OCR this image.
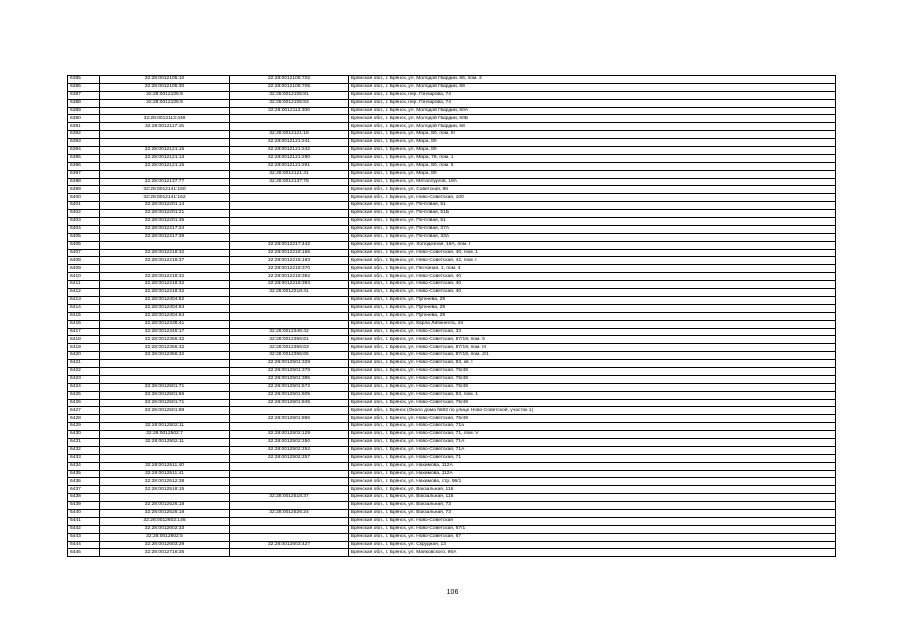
6385	32:28:0012105:10	32:28:0012105:702	Брянская обл., г. Брянск, ул. Молодой Гвардии, 66, пом. 3
6386	32:28:0012105:30	32:28:0012105:705	Брянская обл., г. Брянск, ул. Молодой Гвардии, 68
6387	32:28:0012105:9	32:28:0012105:81	Брянская обл., г. Брянск, пер. Гончарова, 74
6388	32:28:0012105:9	32:28:0012105:83	Брянская обл., г. Брянск, пер. Гончарова, 74
6389		32:28:0012113:300	Брянская обл., г. Брянск, ул. Молодой Гвардии, 60А
6390	32:28:0012113:446		Брянская обл., г. Брянск, ул. Молодой Гвардии, 60Б
6391	32:28:0012117:15		Брянская обл., г. Брянск, ул. Молодой Гвардии, 58
6392		32:28:0012121:18	Брянская обл., г. Брянск, ул. Мира, 80, пом. III
6393		32:28:0012121:241	Брянская обл., г. Брянск, ул. Мира, 80
6394	32:28:0012121:15	32:28:0012121:242	Брянская обл., г. Брянск, ул. Мира, 80
6395	32:28:0012121:13	32:28:0012121:290	Брянская обл., г. Брянск, ул. Мира, 78, пом. 1
6396	32:28:0012121:15	32:28:0012121:291	Брянская обл., г. Брянск, ул. Мира, 80, пом. 5
6397		32:28:0012121:41	Брянская обл., г. Брянск, ул. Мира, 80
6398	32:28:0012137:77	32:28:0012137:78	Брянская обл., г. Брянск, ул. Металлургов, 19А
6399	32:28:0012141:160		Брянская обл., г. Брянск, ул. Советская, 86
6400	32:28:0012141:162		Брянская обл., г. Брянск, ул. Ново-Советская, 100
6401	32:28:0012201:14		Брянская обл., г. Брянск, ул. Почтовая, 51
6402	32:28:0012201:21		Брянская обл., г. Брянск, ул. Почтовая, 51Б
6403	32:28:0012201:35		Брянская обл., г. Брянск, ул. Почтовая, 51
6404	32:28:0012217:34		Брянская обл., г. Брянск, ул. Почтовая, 37А
6405	32:28:0012217:39		Брянская обл., г. Брянск, ул. Почтовая, 33А
6406		32:28:0012217:442	Брянская обл., г. Брянск, ул. Холодезная, 19А, пом. I
6407	32:28:0012218:32	32:28:0012218:166	Брянская обл., г. Брянск, ул. Ново-Советская, 40, пом. 1
6408	32:28:0012218:37	32:28:0012218:183	Брянская обл., г. Брянск, ул. Ново-Советская, 42, пом. I
6409		32:28:0012218:370	Брянская обл., г. Брянск, ул. Песчаная, 1, пом. 4
6410	32:28:0012218:32	32:28:0012218:392	Брянская обл., г. Брянск, ул. Ново-Советская, 40
6411	32:28:0012218:32	32:28:0012218:393	Брянская обл., г. Брянск, ул. Ново-Советская, 40
6412	32:28:0012218:32	32:28:0012218:41	Брянская обл., г. Брянск, ул. Ново-Советская, 40
6413	32:28:0012304:62		Брянская обл., г. Брянск, ул. Пугачева, 29
6414	32:28:0012304:63		Брянская обл., г. Брянск, ул. Пугачева, 29
6415	32:28:0012304:64		Брянская обл., г. Брянск, ул. Пугачева, 29
6416	32:28:0012338:41		Брянская обл., г. Брянск, ул. Карла Либкнехта, 44
6417	32:28:0012345:17	32:28:0012345:42	Брянская обл., г. Брянск, ул. Ново-Советская, 34
6418	32:28:0012356:32	32:28:0012356:61	Брянская обл., г. Брянск, ул. Ново-Советская, 87/19, пом. 5
6419	32:28:0012356:32	32:28:0012356:63	Брянская обл., г. Брянск, ул. Ново-Советская, 87/19, пом. III
6420	32:28:0012356:32	32:28:0012356:65	Брянская обл., г. Брянск, ул. Ново-Советская, 87/19, пом. 2/1
6421		32:28:0012501:329	Брянская обл., г. Брянск, ул. Ново-Советская, 83, кв. I
6422		32:28:0012501:378	Брянская обл., г. Брянск, ул. Ново-Советская, 75/49
6423		32:28:0012501:385	Брянская обл., г. Брянск, ул. Ново-Советская, 75/49
6424	32:28:0012501:71	32:28:0012501:572	Брянская обл., г. Брянск, ул. Ново-Советская, 75/49
6425	32:28:0012501:66	32:28:0012501:605	Брянская обл., г. Брянск, ул. Ново-Советская, 83, пом. 1
6426	32:28:0012501:71	32:28:0012501:845	Брянская обл., г. Брянск, ул. Ново-Советская, 75/49
6427	32:28:0012501:88		Брянская обл., г. Брянск (Около дома №83 по улице Ново-Советской, участок 1)
6428		32:28:0012501:886	Брянская обл., г. Брянск, ул. Ново-Советская, 75/49
6429	32:28:0012502:11		Брянская обл., г. Брянск, ул. Ново-Советская, 71а
6430	32:28:0012502:7	32:28:0012502:129	Брянская обл., г. Брянск, ул. Ново-Советская, 71, пом. V
6431	32:28:0012502:11	32:28:0012502:250	Брянская обл., г. Брянск, ул. Ново-Советская, 71А
6432		32:28:0012502:252	Брянская обл., г. Брянск, ул. Ново-Советская, 71А
6433		32:28:0012502:257	Брянская обл., г. Брянск, ул. Ново-Советская, 71
6434	32:28:0012511:40		Брянская обл., г. Брянск, ул. Нахимова, 112А
6435	32:28:0012511:41		Брянская обл., г. Брянск, ул. Нахимова, 112А
6436	32:28:0012512:38		Брянская обл., г. Брянск, ул. Нахимова, стр. 96/1
6437	32:28:0012518:15		Брянская обл., г. Брянск, ул. Вокзальная, 116
6438		32:28:0012518:37	Брянская обл., г. Брянск, ул. Вокзальная, 116
6439	32:28:0012526:18		Брянская обл., г. Брянск, ул. Вокзальная, 73
6440	32:28:0012526:18	32:28:0012526:24	Брянская обл., г. Брянск, ул. Вокзальная, 73
6441	32:28:0012602:146		Брянская обл., г. Брянск, ул. Ново-Советская
6442	32:28:0012602:33		Брянская обл., г. Брянск, ул. Ново-Советская, 67/1
6443	32:28:0012602:5		Брянская обл., г. Брянск, ул. Ново-Советская, 67
6444	32:28:0012603:29	32:28:0012603:427	Брянская обл., г. Брянск, ул. Скрудная, 13
6445	32:28:0012716:35		Брянская обл., г. Брянск, ул. Маяковского, 96А
106
